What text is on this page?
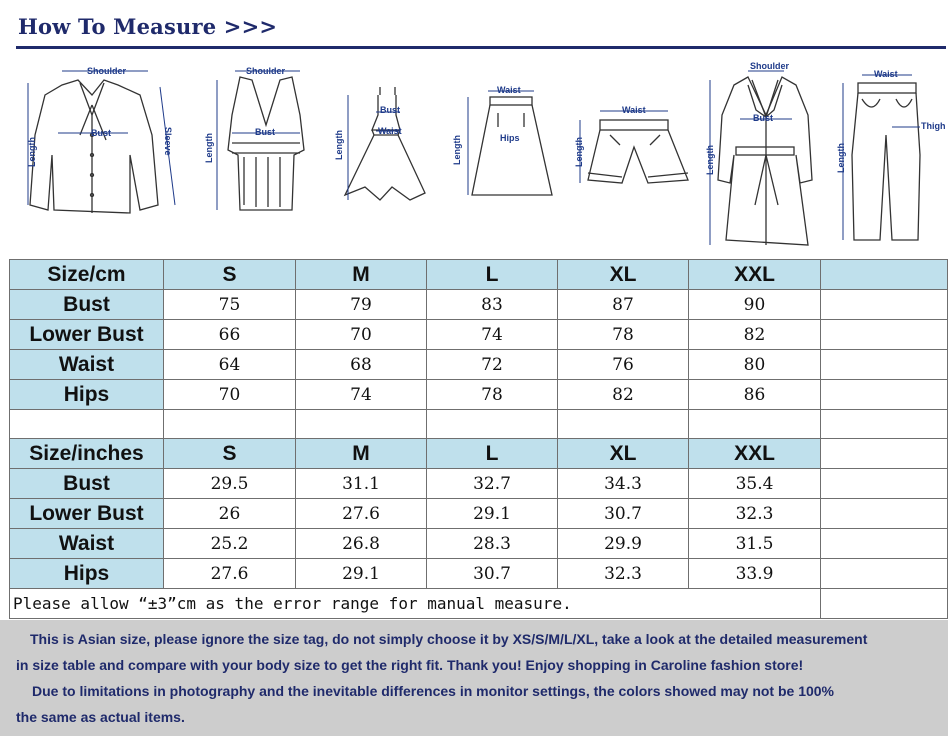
How To Measure >>>
Shoulder
Bust	Sleeve
Length
Shoulder
Bust
Length
Bust
Waist
Length
Waist
Hips
Length
Waist
Length
Shoulder
Bust
Length
Waist
Thigh
Length
Size/cm	S	M	L	XL	XXL	
Bust	75	79	83	87	90	
Lower Bust	66	70	74	78	82	
Waist	64	68	72	76	80	
Hips	70	74	78	82	86	

Size/inches	S	M	L	XL	XXL	
Bust	29.5	31.1	32.7	34.3	35.4	
Lower Bust	26	27.6	29.1	30.7	32.3	
Waist	25.2	26.8	28.3	29.9	31.5	
Hips	27.6	29.1	30.7	32.3	33.9	
Please allow “±3”cm as the error range for manual measure.						

This is Asian size, please ignore the size tag, do not simply choose it by XS/S/M/L/XL, take a look at the detailed measurement

in size table and compare with your body size to get the right fit. Thank you! Enjoy shopping in Caroline fashion store!

Due to limitations in photography and the inevitable differences in monitor settings, the colors showed may not be 100%

the same as actual items.
